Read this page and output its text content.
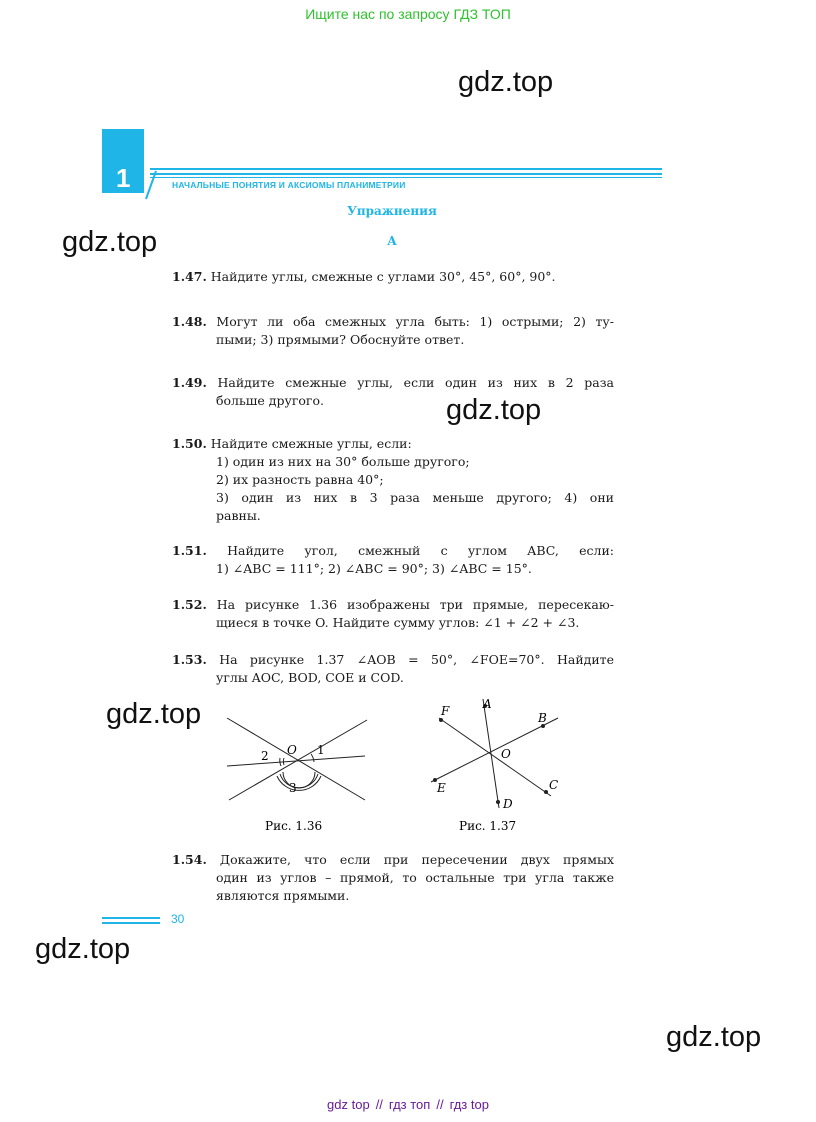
Ищите нас по запросу ГДЗ ТОП
gdz.top
gdz.top
gdz.top
gdz.top
gdz.top
gdz.top
1	НАЧАЛЬНЫЕ ПОНЯТИЯ И АКСИОМЫ ПЛАНИМЕТРИИ
Упражнения
А
1.47. Найдите углы, смежные с углами 30°, 45°, 60°, 90°.
1.48. Могут ли оба смежных угла быть: 1) острыми; 2) ту-
пыми; 3) прямыми? Обоснуйте ответ.
1.49. Найдите смежные углы, если один из них в 2 раза
больше другого.
1.50. Найдите смежные углы, если:
1) один из них на 30° больше другого;
2) их разность равна 40°;
3) один из них в 3 раза меньше другого; 4) они
равны.
1.51. Найдите угол, смежный с углом ABC, если:
1) ∠ABC = 111°; 2) ∠ABC = 90°; 3) ∠ABC = 15°.
1.52. На рисунке 1.36 изображены три прямые, пересекаю-
щиеся в точке O. Найдите сумму углов: ∠1 + ∠2 + ∠3.
1.53. На рисунке 1.37 ∠AOB = 50°, ∠FOE=70°. Найдите
углы AOC, BOD, COE и COD.
O 1
2
3
Рис. 1.36
F	A
B
O
E	C
D
Рис. 1.37
1.54. Докажите, что если при пересечении двух прямых
один из углов – прямой, то остальные три угла также
являются прямыми.
30
gdz top // гдз топ // гдз top
